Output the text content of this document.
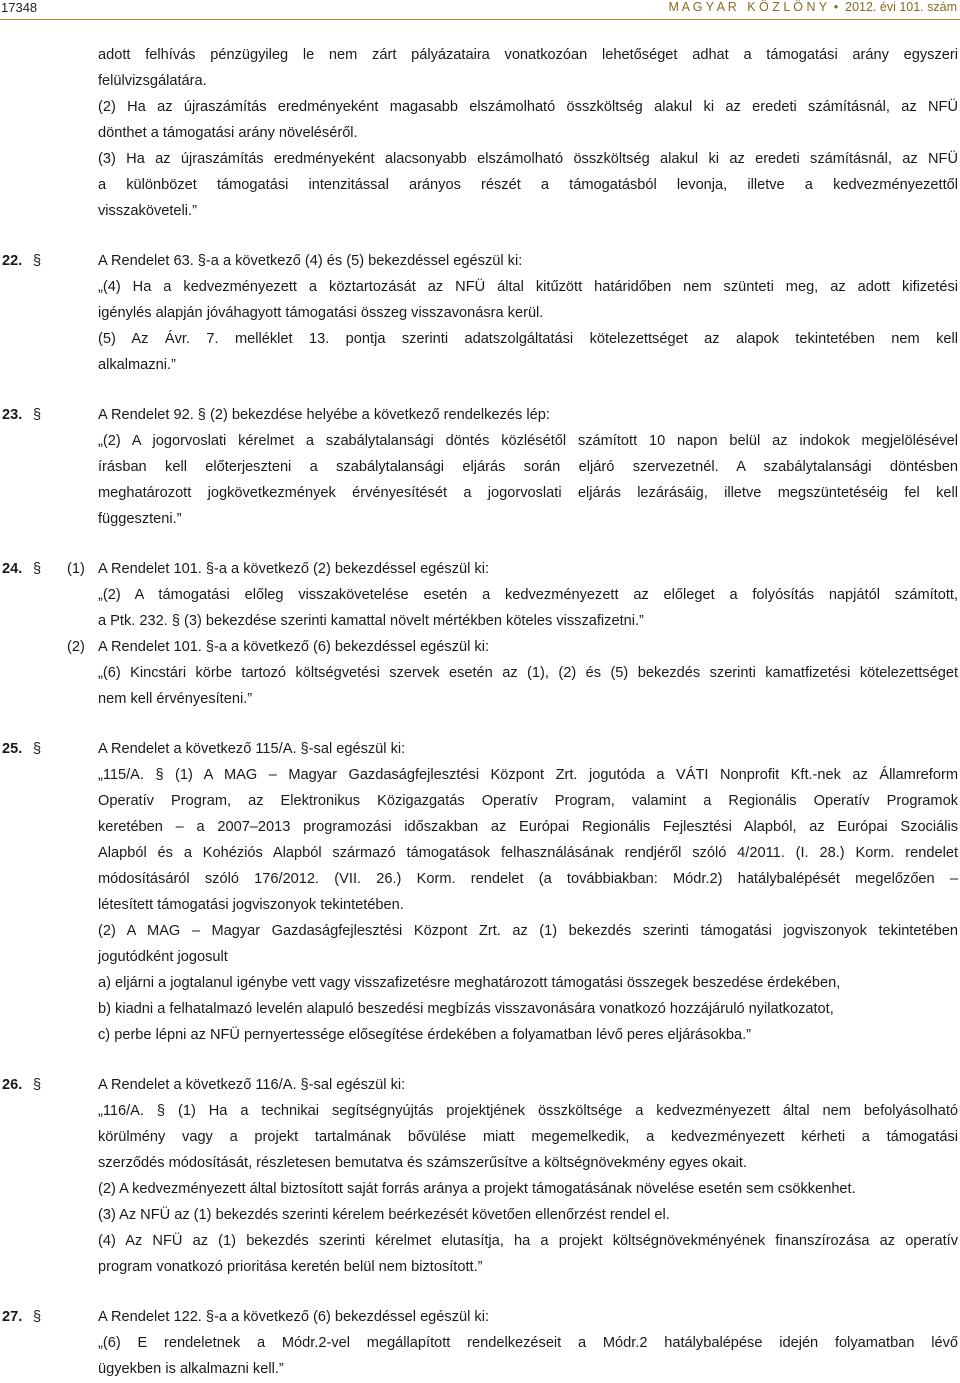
17348	M A G Y A R   K Ö Z L Ö N Y  •  2012. évi 101. szám
adott felhívás pénzügyileg le nem zárt pályázataira vonatkozóan lehetőséget adhat a támogatási arány egyszeri
felülvizsgálatára.
(2) Ha az újraszámítás eredményeként magasabb elszámolható összköltség alakul ki az eredeti számításnál, az NFÜ
dönthet a támogatási arány növeléséről.
(3) Ha az újraszámítás eredményeként alacsonyabb elszámolható összköltség alakul ki az eredeti számításnál, az NFÜ
a különbözet támogatási intenzitással arányos részét a támogatásból levonja, illetve a kedvezményezettől
visszaköveteli.”
22. §	A Rendelet 63. §-a a következő (4) és (5) bekezdéssel egészül ki:
„(4) Ha a kedvezményezett a köztartozását az NFÜ által kitűzött határidőben nem szünteti meg, az adott kifizetési
igénylés alapján jóváhagyott támogatási összeg visszavonásra kerül.
(5) Az Ávr. 7. melléklet 13. pontja szerinti adatszolgáltatási kötelezettséget az alapok tekintetében nem kell
alkalmazni.”
23. §	A Rendelet 92. § (2) bekezdése helyébe a következő rendelkezés lép:
„(2) A jogorvoslati kérelmet a szabálytalansági döntés közlésétől számított 10 napon belül az indokok megjelölésével
írásban kell előterjeszteni a szabálytalansági eljárás során eljáró szervezetnél. A szabálytalansági döntésben
meghatározott jogkövetkezmények érvényesítését a jogorvoslati eljárás lezárásáig, illetve megszüntetéséig fel kell
függeszteni.”
24. § (1) A Rendelet 101. §-a a következő (2) bekezdéssel egészül ki:
„(2) A támogatási előleg visszakövetelése esetén a kedvezményezett az előleget a folyósítás napjától számított,
a Ptk. 232. § (3) bekezdése szerinti kamattal növelt mértékben köteles visszafizetni.”
(2) A Rendelet 101. §-a a következő (6) bekezdéssel egészül ki:
„(6) Kincstári körbe tartozó költségvetési szervek esetén az (1), (2) és (5) bekezdés szerinti kamatfizetési kötelezettséget
nem kell érvényesíteni.”
25. §	A Rendelet a következő 115/A. §-sal egészül ki:
„115/A. § (1) A MAG – Magyar Gazdaságfejlesztési Központ Zrt. jogutóda a VÁTI Nonprofit Kft.-nek az Államreform
Operatív Program, az Elektronikus Közigazgatás Operatív Program, valamint a Regionális Operatív Programok
keretében – a 2007–2013 programozási időszakban az Európai Regionális Fejlesztési Alapból, az Európai Szociális
Alapból és a Kohéziós Alapból származó támogatások felhasználásának rendjéről szóló 4/2011. (I. 28.) Korm. rendelet
módosításáról szóló 176/2012. (VII. 26.) Korm. rendelet (a továbbiakban: Módr.2) hatálybalépését megelőzően –
létesített támogatási jogviszonyok tekintetében.
(2) A MAG – Magyar Gazdaságfejlesztési Központ Zrt. az (1) bekezdés szerinti támogatási jogviszonyok tekintetében
jogutódként jogosult
a) eljárni a jogtalanul igénybe vett vagy visszafizetésre meghatározott támogatási összegek beszedése érdekében,
b) kiadni a felhatalmazó levelén alapuló beszedési megbízás visszavonására vonatkozó hozzájáruló nyilatkozatot,
c) perbe lépni az NFÜ pernyertessége elősegítése érdekében a folyamatban lévő peres eljárásokba.”
26. §	A Rendelet a következő 116/A. §-sal egészül ki:
„116/A. § (1) Ha a technikai segítségnyújtás projektjének összköltsége a kedvezményezett által nem befolyásolható
körülmény vagy a projekt tartalmának bővülése miatt megemelkedik, a kedvezményezett kérheti a támogatási
szerződés módosítását, részletesen bemutatva és számszerűsítve a költségnövekmény egyes okait.
(2) A kedvezményezett által biztosított saját forrás aránya a projekt támogatásának növelése esetén sem csökkenhet.
(3) Az NFÜ az (1) bekezdés szerinti kérelem beérkezését követően ellenőrzést rendel el.
(4) Az NFÜ az (1) bekezdés szerinti kérelmet elutasítja, ha a projekt költségnövekményének finanszírozása az operatív
program vonatkozó prioritása keretén belül nem biztosított.”
27. §	A Rendelet 122. §-a a következő (6) bekezdéssel egészül ki:
„(6) E rendeletnek a Módr.2-vel megállapított rendelkezéseit a Módr.2 hatálybalépése idején folyamatban lévő
ügyekben is alkalmazni kell.”
